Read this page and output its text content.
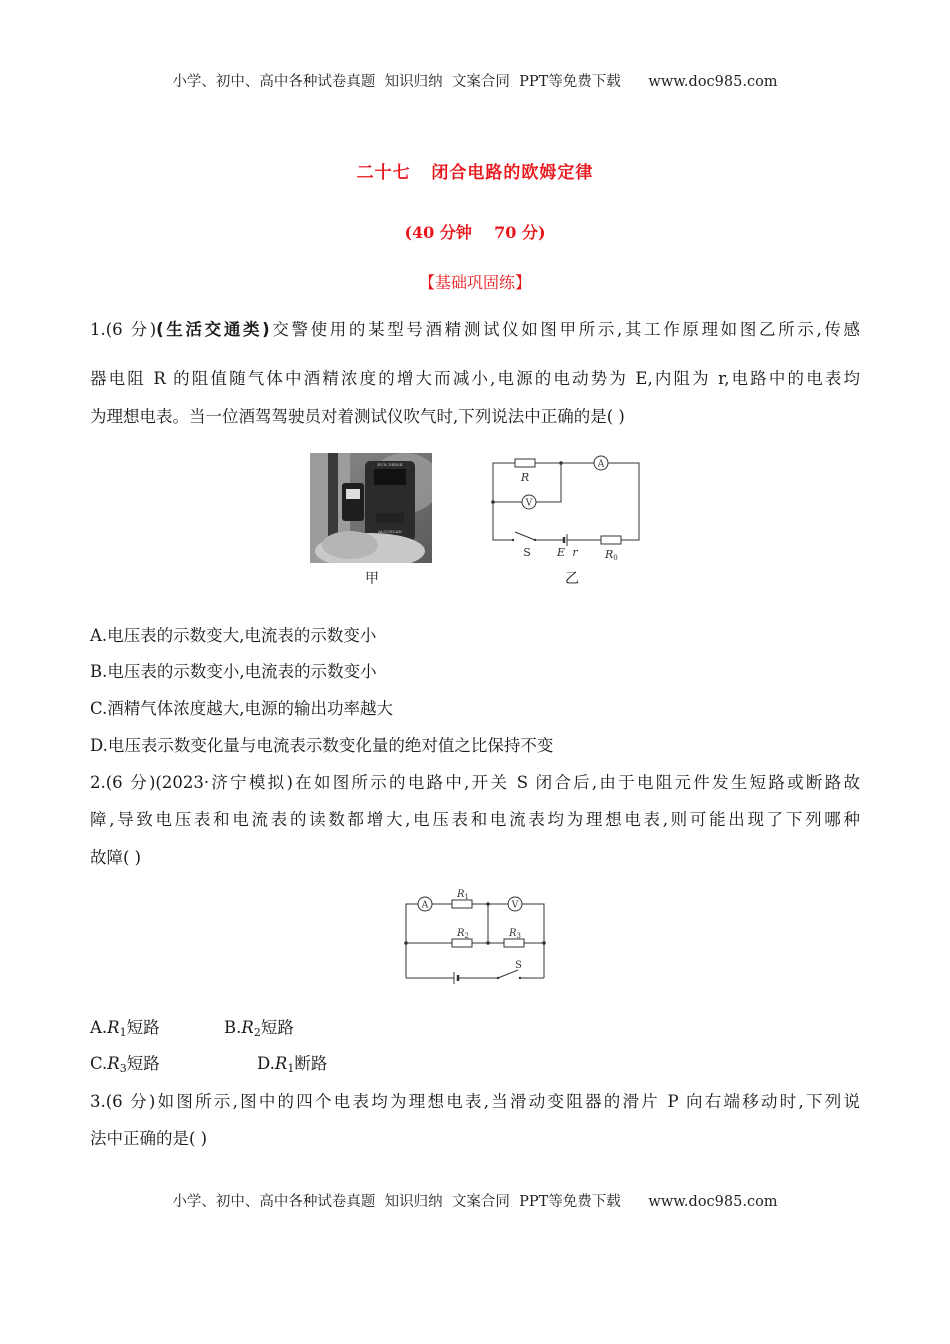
小学、初中、高中各种试卷真题  知识归纳  文案合同  PPT等免费下载      www.doc985.com
二十七   闭合电路的欧姆定律
(40 分钟    70 分)
【基础巩固练】
1.(6 分)(生活交通类)交警使用的某型号酒精测试仪如图甲所示,其工作原理如图乙所示,传感
器电阻 R 的阻值随气体中酒精浓度的增大而减小,电源的电动势为 E,内阻为 r,电路中的电表均
为理想电表。当一位酒驾驾驶员对着测试仪吹气时,下列说法中正确的是( )
RUN DRINK
ALCOSCAN
甲
A
V
R
S E r R0
乙
A.电压表的示数变大,电流表的示数变小
B.电压表的示数变小,电流表的示数变小
C.酒精气体浓度越大,电源的输出功率越大
D.电压表示数变化量与电流表示数变化量的绝对值之比保持不变
2.(6 分)(2023·济宁模拟)在如图所示的电路中,开关 S 闭合后,由于电阻元件发生短路或断路故
障,导致电压表和电流表的读数都增大,电压表和电流表均为理想电表,则可能出现了下列哪种
故障( )
A	V
$R_1$
$R_2$	$R_3$
S
$A.R_1$短路	$B.R_2$短路
$C.R_3$短路	$D.R_1$断路
3.(6 分)如图所示,图中的四个电表均为理想电表,当滑动变阻器的滑片 P 向右端移动时,下列说
法中正确的是( )
小学、初中、高中各种试卷真题  知识归纳  文案合同  PPT等免费下载      www.doc985.com
